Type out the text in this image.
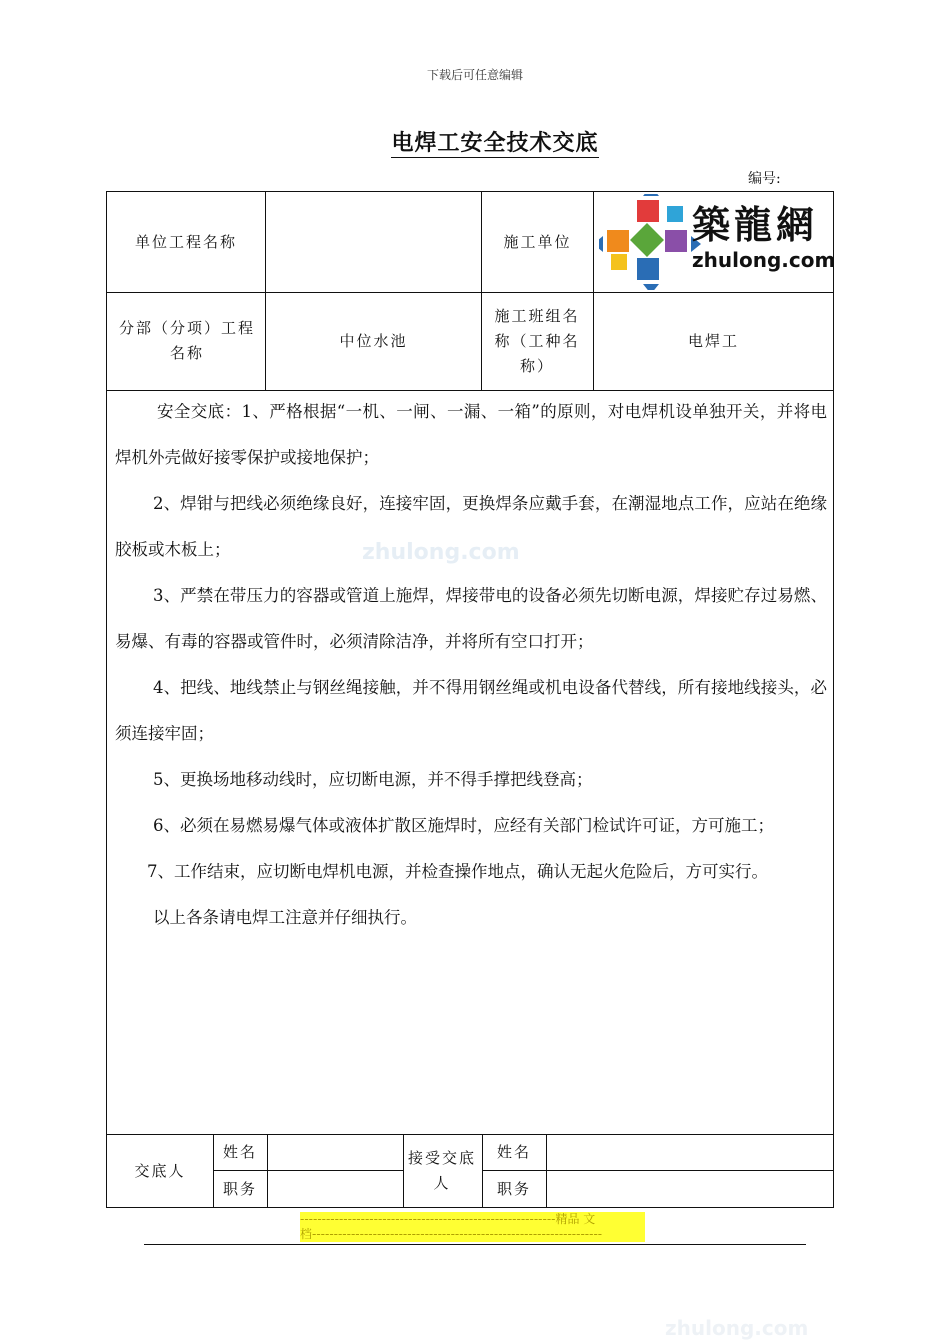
下载后可任意编辑
电焊工安全技术交底
编号:
单位工程名称	施工单位	築龍網
zhulong.com
分部（分项）工程名称
中位水池
施工班组名称（工种名称）
电焊工
zhulong.com

安全交底：1、严格根据“一机、一闸、一漏、一箱”的原则，对电焊机设单独开关，并将电焊机外壳做好接零保护或接地保护；

2、焊钳与把线必须绝缘良好，连接牢固，更换焊条应戴手套，在潮湿地点工作，应站在绝缘胶板或木板上；

3、严禁在带压力的容器或管道上施焊，焊接带电的设备必须先切断电源，焊接贮存过易燃、易爆、有毒的容器或管件时，必须清除洁净，并将所有空口打开；

4、把线、地线禁止与钢丝绳接触，并不得用钢丝绳或机电设备代替线，所有接地线接头，必须连接牢固；

5、更换场地移动线时，应切断电源，并不得手撑把线登高；

6、必须在易燃易爆气体或液体扩散区施焊时，应经有关部门检试许可证，方可施工；

7、工作结束，应切断电焊机电源，并检查操作地点，确认无起火危险后，方可实行。

以上各条请电焊工注意并仔细执行。

交底人
姓名
职务
接受交底人
姓名
职务
-----------------------------------------------------------精品 文
档-------------------------------------------------------------------
zhulong.com
